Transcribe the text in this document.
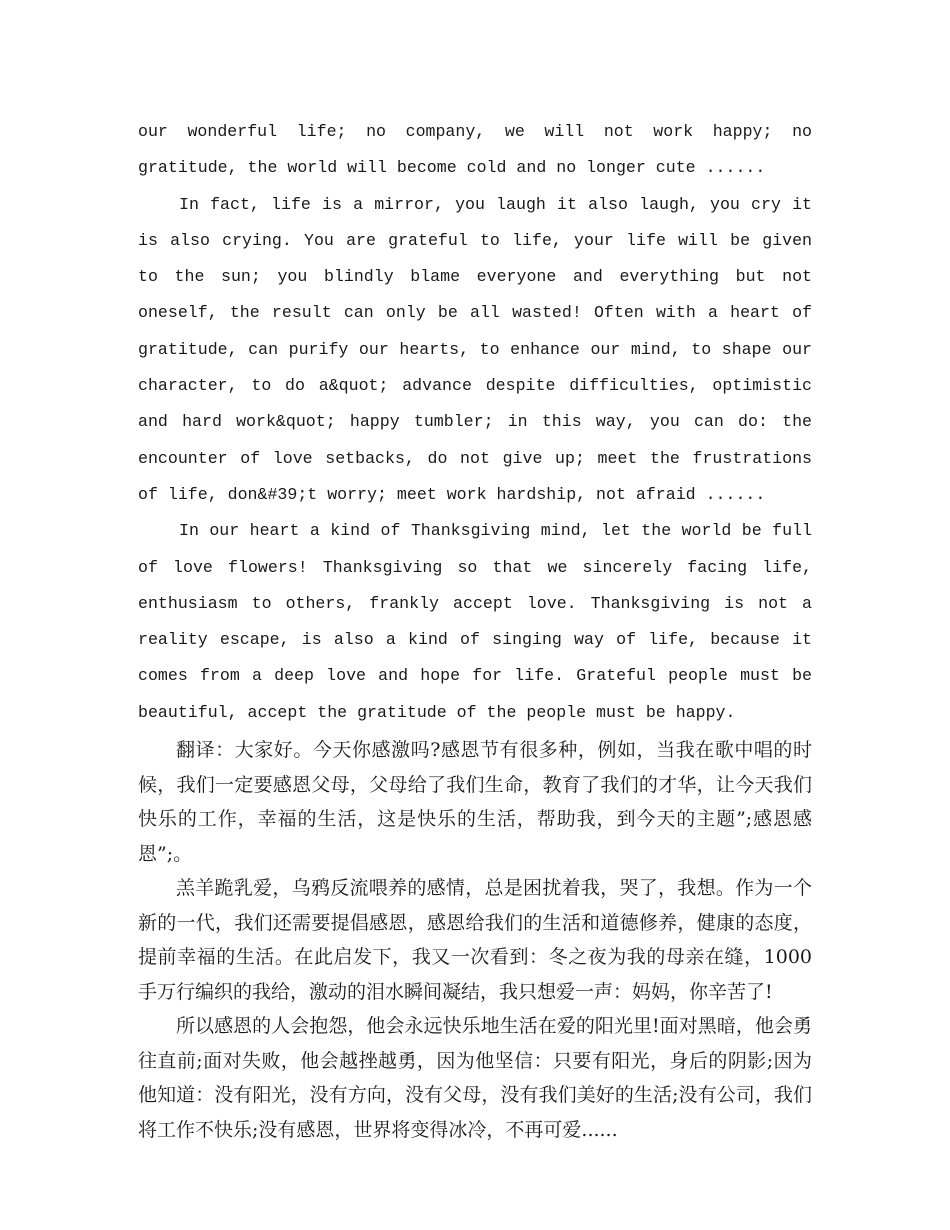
our wonderful life; no company, we will not work happy; no gratitude, the world will become cold and no longer cute ......

In fact, life is a mirror, you laugh it also laugh, you cry it is also crying. You are grateful to life, your life will be given to the sun; you blindly blame everyone and everything but not oneself, the result can only be all wasted! Often with a heart of gratitude, can purify our hearts, to enhance our mind, to shape our character, to do a&quot; advance despite difficulties, optimistic and hard work&quot; happy tumbler; in this way, you can do: the encounter of love setbacks, do not give up; meet the frustrations of life, don&#39;t worry; meet work hardship, not afraid ......

In our heart a kind of Thanksgiving mind, let the world be full of love flowers! Thanksgiving so that we sincerely facing life, enthusiasm to others, frankly accept love. Thanksgiving is not a reality escape, is also a kind of singing way of life, because it comes from a deep love and hope for life. Grateful people must be beautiful, accept the gratitude of the people must be happy.

翻译：大家好。今天你感激吗?感恩节有很多种，例如，当我在歌中唱的时候，我们一定要感恩父母，父母给了我们生命，教育了我们的才华，让今天我们快乐的工作，幸福的生活，这是快乐的生活，帮助我，到今天的主题”;感恩感恩”;。

羔羊跪乳爱，乌鸦反流喂养的感情，总是困扰着我，哭了，我想。作为一个新的一代，我们还需要提倡感恩，感恩给我们的生活和道德修养，健康的态度，提前幸福的生活。在此启发下，我又一次看到：冬之夜为我的母亲在缝，1000手万行编织的我给，激动的泪水瞬间凝结，我只想爱一声：妈妈，你辛苦了!

所以感恩的人会抱怨，他会永远快乐地生活在爱的阳光里!面对黑暗，他会勇往直前;面对失败，他会越挫越勇，因为他坚信：只要有阳光，身后的阴影;因为他知道：没有阳光，没有方向，没有父母，没有我们美好的生活;没有公司，我们将工作不快乐;没有感恩，世界将变得冰冷，不再可爱......
